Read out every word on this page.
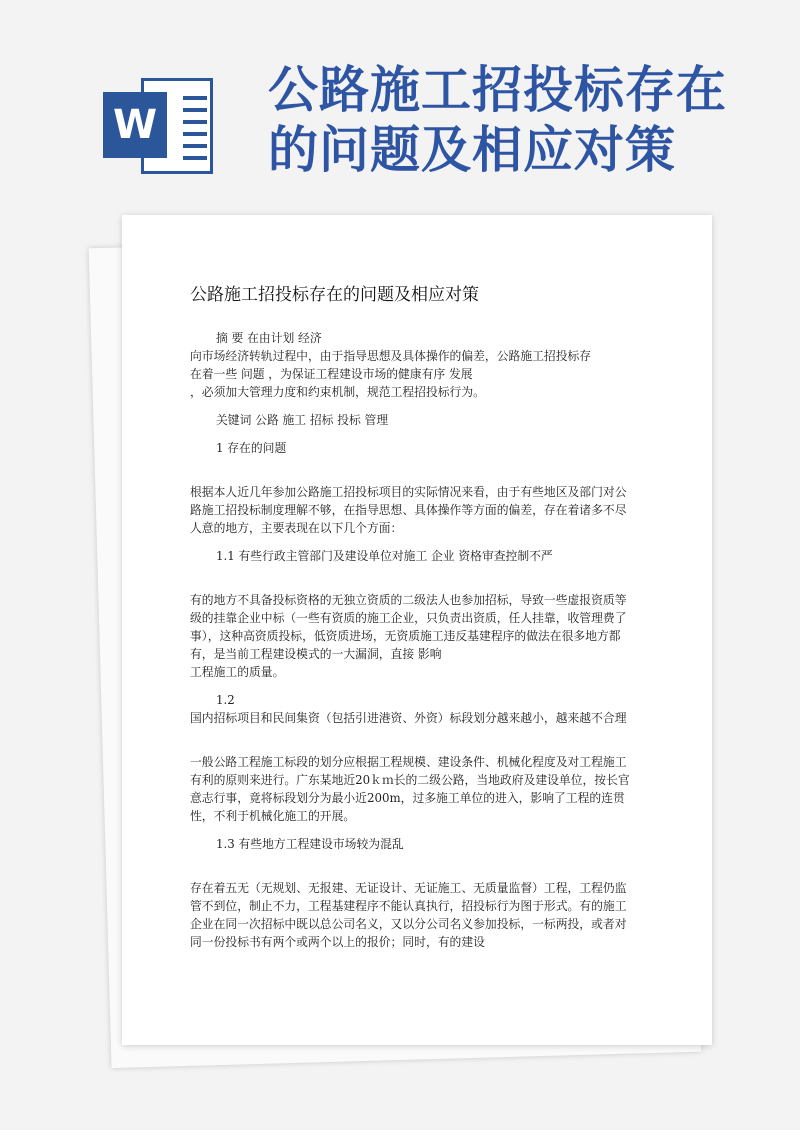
W
公路施工招投标存在的问题及相应对策
公路施工招投标存在的问题及相应对策

摘 要 在由计划 经济

向市场经济转轨过程中，由于指导思想及具体操作的偏差，公路施工招投标存

在着一些 问题 ，为保证工程建设市场的健康有序 发展

，必须加大管理力度和约束机制，规范工程招投标行为。

关键词 公路 施工 招标 投标 管理

1 存在的问题

根据本人近几年参加公路施工招投标项目的实际情况来看，由于有些地区及部门对公路施工招投标制度理解不够，在指导思想、具体操作等方面的偏差，存在着诸多不尽人意的地方，主要表现在以下几个方面：

1.1 有些行政主管部门及建设单位对施工 企业 资格审查控制不严

有的地方不具备投标资格的无独立资质的二级法人也参加招标，导致一些虚报资质等级的挂靠企业中标（一些有资质的施工企业，只负责出资质，任人挂靠，收管理费了事），这种高资质投标，低资质进场，无资质施工违反基建程序的做法在很多地方都有，是当前工程建设模式的一大漏洞，直接 影响

工程施工的质量。

1.2

国内招标项目和民间集资（包括引进港资、外资）标段划分越来越小，越来越不合理

一般公路工程施工标段的划分应根据工程规模、建设条件、机械化程度及对工程施工有利的原则来进行。广东某地近20ｋｍ长的二级公路，当地政府及建设单位，按长官意志行事，竟将标段划分为最小近200m，过多施工单位的进入，影响了工程的连贯性，不利于机械化施工的开展。

1.3 有些地方工程建设市场较为混乱

存在着五无（无规划、无报建、无证设计、无证施工、无质量监督）工程，工程仍监管不到位，制止不力，工程基建程序不能认真执行，招投标行为图于形式。有的施工企业在同一次招标中既以总公司名义，又以分公司名义参加投标，一标两投，或者对同一份投标书有两个或两个以上的报价；同时，有的建设
